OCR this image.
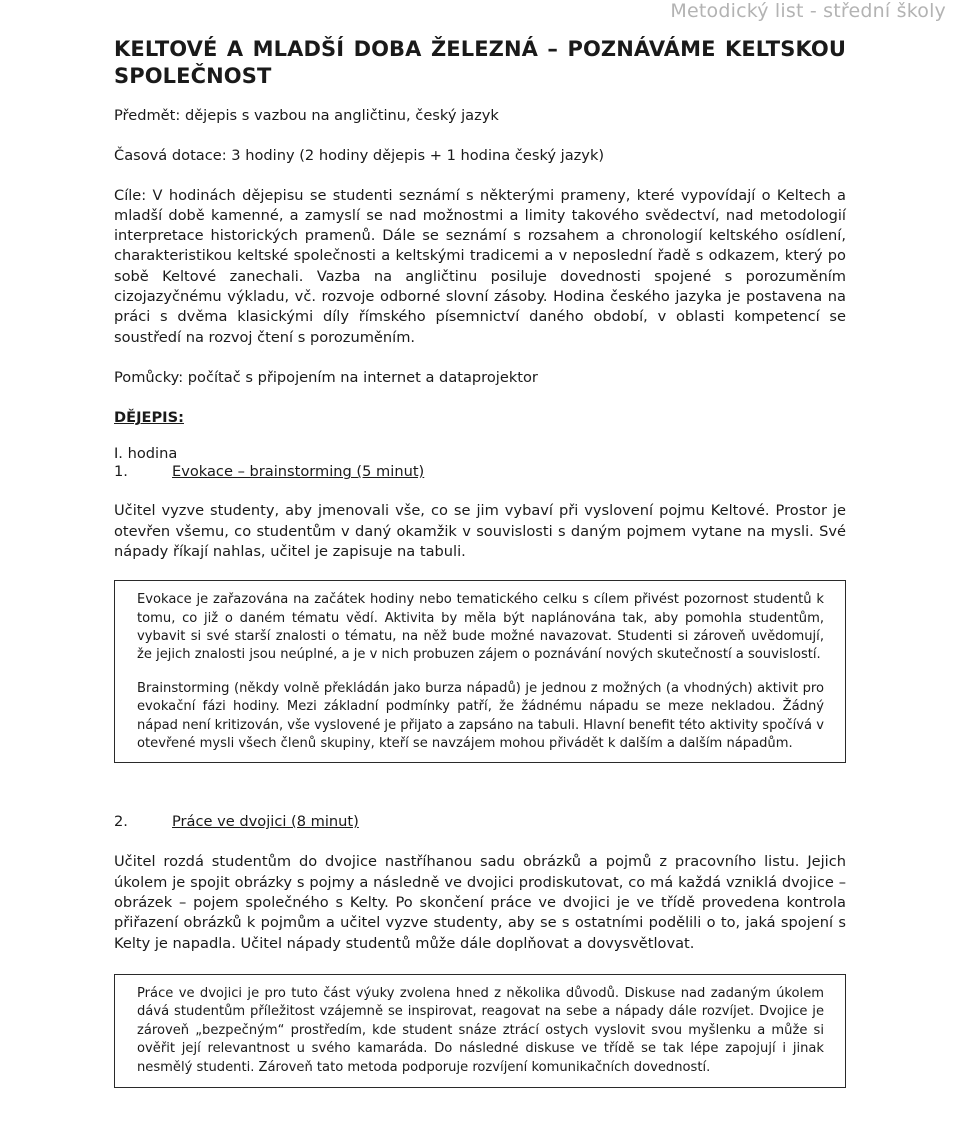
Metodický list - střední školy
KELTOVÉ A MLADŠÍ DOBA ŽELEZNÁ – POZNÁVÁME KELTSKOU
SPOLEČNOST

Předmět: dějepis s vazbou na angličtinu, český jazyk

Časová dotace: 3 hodiny (2 hodiny dějepis + 1 hodina český jazyk)

Cíle: V hodinách dějepisu se studenti seznámí s některými prameny, které vypovídají o Keltech a mladší době kamenné, a zamyslí se nad možnostmi a limity takového svědectví, nad metodologií interpretace historických pramenů. Dále se seznámí s rozsahem a chronologií keltského osídlení, charakteristikou keltské společnosti a keltskými tradicemi a v neposlední řadě s odkazem, který po sobě Keltové zanechali. Vazba na angličtinu posiluje dovednosti spojené s porozuměním cizojazyčnému výkladu, vč. rozvoje odborné slovní zásoby. Hodina českého jazyka je postavena na práci s dvěma klasickými díly římského písemnictví daného období, v oblasti kompetencí se soustředí na rozvoj čtení s porozuměním.

Pomůcky: počítač s připojením na internet a dataprojektor

DĚJEPIS:
I. hodina
1.	Evokace – brainstorming (5 minut)

Učitel vyzve studenty, aby jmenovali vše, co se jim vybaví při vyslovení pojmu Keltové. Prostor je otevřen všemu, co studentům v daný okamžik v souvislosti s daným pojmem vytane na mysli. Své nápady říkají nahlas, učitel je zapisuje na tabuli.

Evokace je zařazována na začátek hodiny nebo tematického celku s cílem přivést pozornost studentů k tomu, co již o daném tématu vědí. Aktivita by měla být naplánována tak, aby pomohla studentům, vybavit si své starší znalosti o tématu, na něž bude možné navazovat. Studenti si zároveň uvědomují, že jejich znalosti jsou neúplné, a je v nich probuzen zájem o poznávání nových skutečností a souvislostí.

Brainstorming (někdy volně překládán jako burza nápadů) je jednou z možných (a vhodných) aktivit pro evokační fázi hodiny. Mezi základní podmínky patří, že žádnému nápadu se meze nekladou. Žádný nápad není kritizován, vše vyslovené je přijato a zapsáno na tabuli. Hlavní benefit této aktivity spočívá v otevřené mysli všech členů skupiny, kteří se navzájem mohou přivádět k dalším a dalším nápadům.

2.	Práce ve dvojici (8 minut)

Učitel rozdá studentům do dvojice nastříhanou sadu obrázků a pojmů z pracovního listu. Jejich úkolem je spojit obrázky s pojmy a následně ve dvojici prodiskutovat, co má každá vzniklá dvojice – obrázek – pojem společného s Kelty. Po skončení práce ve dvojici je ve třídě provedena kontrola přiřazení obrázků k pojmům a učitel vyzve studenty, aby se s ostatními podělili o to, jaká spojení s Kelty je napadla. Učitel nápady studentů může dále doplňovat a dovysvětlovat.

Práce ve dvojici je pro tuto část výuky zvolena hned z několika důvodů. Diskuse nad zadaným úkolem dává studentům příležitost vzájemně se inspirovat, reagovat na sebe a nápady dále rozvíjet. Dvojice je zároveň „bezpečným“ prostředím, kde student snáze ztrácí ostych vyslovit svou myšlenku a může si ověřit její relevantnost u svého kamaráda. Do následné diskuse ve třídě se tak lépe zapojují i jinak nesmělý studenti. Zároveň tato metoda podporuje rozvíjení komunikačních dovedností.
